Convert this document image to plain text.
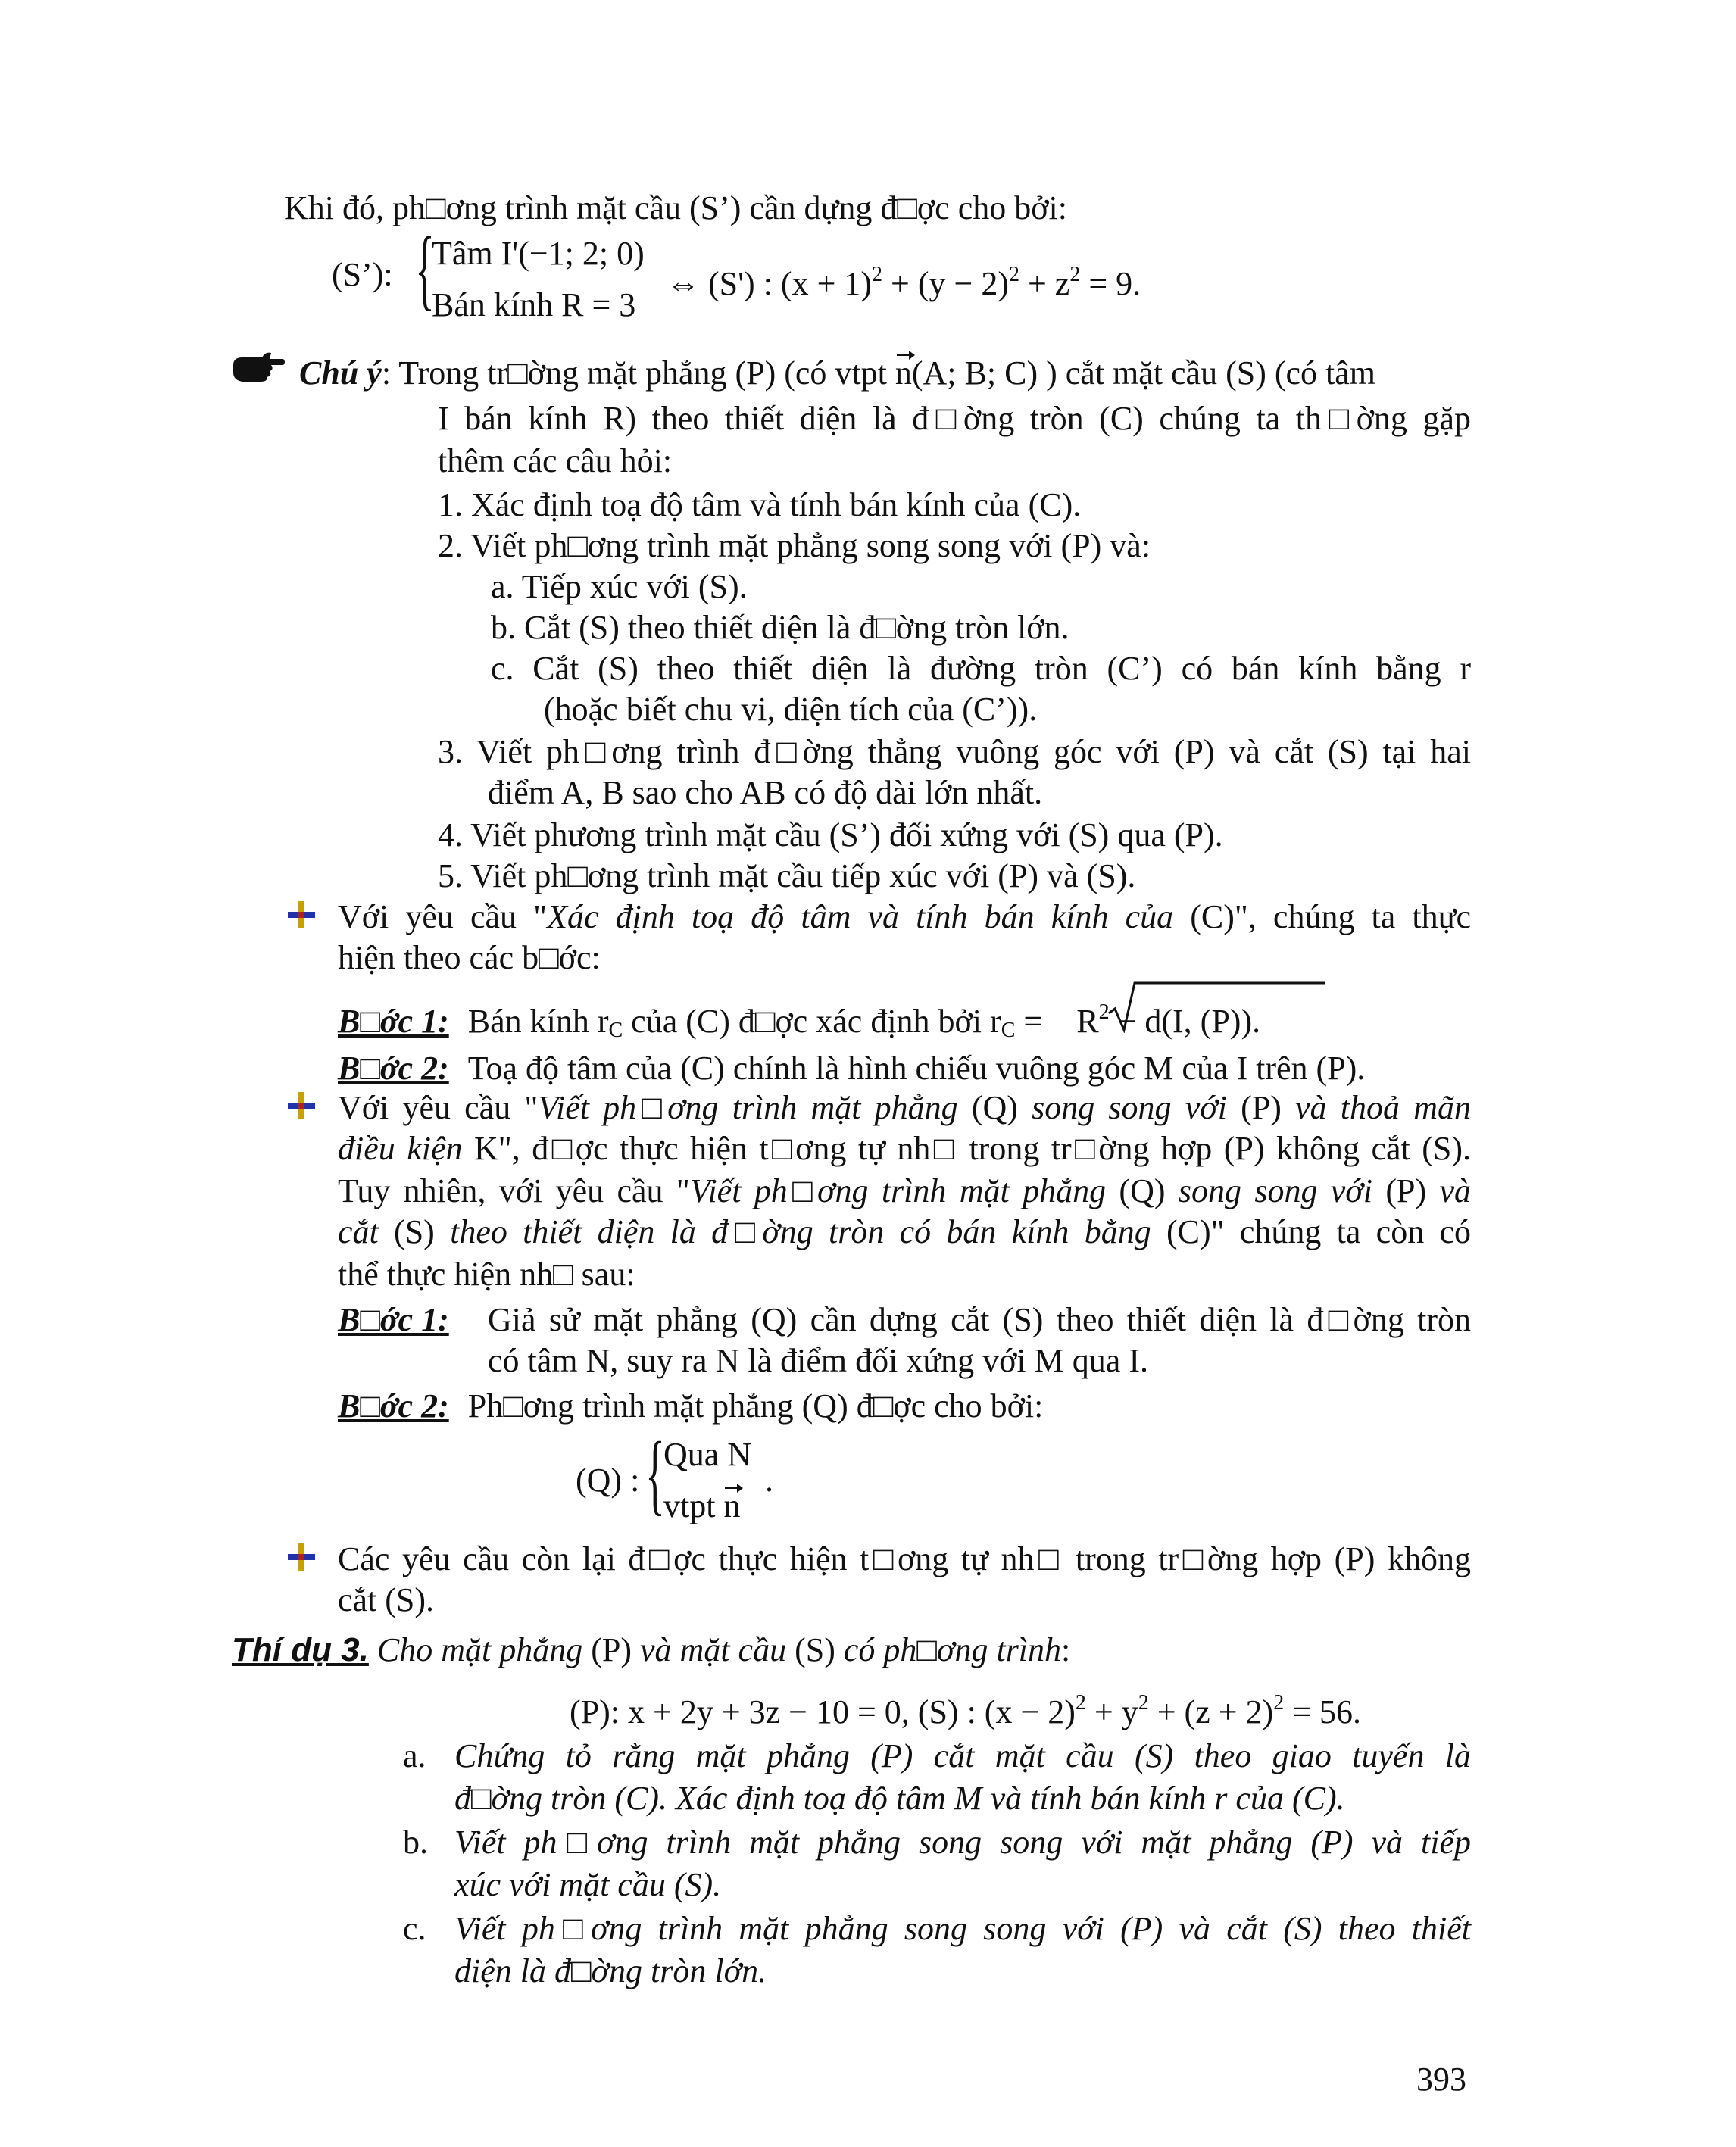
Khi đó, ph□ơng trình mặt cầu (S’) cần dựng đ□ợc cho bởi:
(S’): {
Tâm I'(−1; 2; 0)
Bán kính R = 3
⇔ (S') : $(x + 1)^2 + (y - 2)^2 + z^2 = 9$.
Chú ý: Trong tr□ờng mặt phẳng (P) (có vtpt n(A; B; C) ) cắt mặt cầu (S) (có tâm
I bán kính R) theo thiết diện là đ□ờng tròn (C) chúng ta th□ờng gặp
thêm các câu hỏi:
1. Xác định toạ độ tâm và tính bán kính của (C).
2. Viết ph□ơng trình mặt phẳng song song với (P) và:
a. Tiếp xúc với (S).
b. Cắt (S) theo thiết diện là đ□ờng tròn lớn.
c. Cắt (S) theo thiết diện là đường tròn (C’) có bán kính bằng r
(hoặc biết chu vi, diện tích của (C’)).
3. Viết ph□ơng trình đ□ờng thẳng vuông góc với (P) và cắt (S) tại hai
điểm A, B sao cho AB có độ dài lớn nhất.
4. Viết phương trình mặt cầu (S’) đối xứng với (S) qua (P).
5. Viết ph□ơng trình mặt cầu tiếp xúc với (P) và (S).
Với yêu cầu "Xác định toạ độ tâm và tính bán kính của (C)", chúng ta thực
hiện theo các b□ớc:
B□ớc 1: Bán kính $r_C$ của (C) đ□ợc xác định bởi $r_C = R^2 - d(I$, (P)).
B□ớc 2: Toạ độ tâm của (C) chính là hình chiếu vuông góc M của I trên (P).
Với yêu cầu "Viết ph□ơng trình mặt phẳng (Q) song song với (P) và thoả mãn
điều kiện K", đ□ợc thực hiện t□ơng tự nh□ trong tr□ờng hợp (P) không cắt (S).
Tuy nhiên, với yêu cầu "Viết ph□ơng trình mặt phẳng (Q) song song với (P) và
cắt (S) theo thiết diện là đ□ờng tròn có bán kính bằng (C)" chúng ta còn có
thể thực hiện nh□ sau:
B□ớc 1: Giả sử mặt phẳng (Q) cần dựng cắt (S) theo thiết diện là đ□ờng tròn
có tâm N, suy ra N là điểm đối xứng với M qua I.
B□ớc 2: Ph□ơng trình mặt phẳng (Q) đ□ợc cho bởi:
(Q) : {
Qua N
vtpt n
.
Các yêu cầu còn lại đ□ợc thực hiện t□ơng tự nh□ trong tr□ờng hợp (P) không
cắt (S).
Thí dụ 3. Cho mặt phẳng (P) và mặt cầu (S) có ph□ơng trình:
(P): x + 2y + 3z − 10 = 0, (S) : $(x - 2)^2 + y^2 + (z + 2)^2 = 56$.
a. Chứng tỏ rằng mặt phẳng (P) cắt mặt cầu (S) theo giao tuyến là
đ□ờng tròn (C). Xác định toạ độ tâm M và tính bán kính r của (C).
b. Viết ph□ơng trình mặt phẳng song song với mặt phẳng (P) và tiếp
xúc với mặt cầu (S).
c. Viết ph□ơng trình mặt phẳng song song với (P) và cắt (S) theo thiết
diện là đ□ờng tròn lớn.
393
